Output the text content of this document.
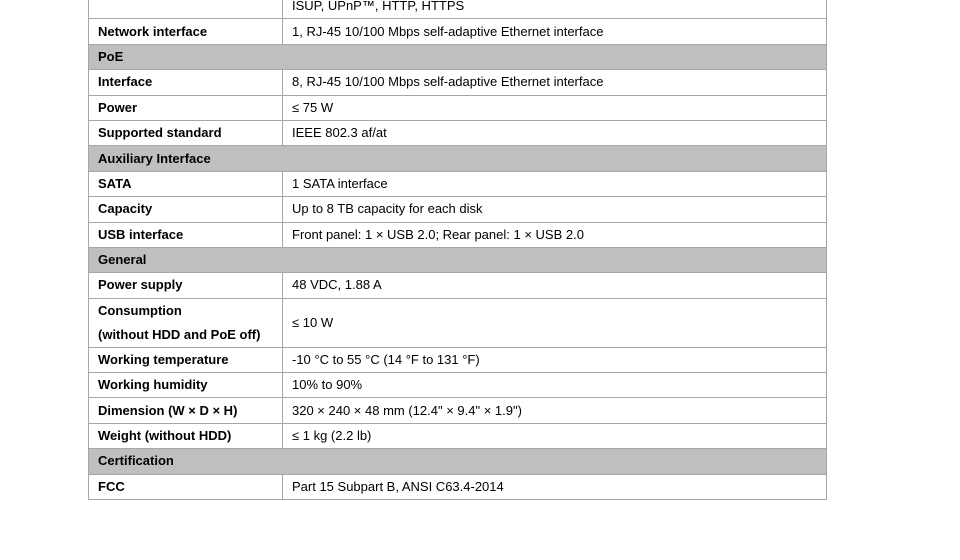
	ISUP, UPnP™, HTTP, HTTPS
Network interface	1, RJ-45 10/100 Mbps self-adaptive Ethernet interface
PoE	
Interface	8, RJ-45 10/100 Mbps self-adaptive Ethernet interface
Power	≤ 75 W
Supported standard	IEEE 802.3 af/at
Auxiliary Interface	
SATA	1 SATA interface
Capacity	Up to 8 TB capacity for each disk
USB interface	Front panel: 1 × USB 2.0; Rear panel: 1 × USB 2.0
General	
Power supply	48 VDC, 1.88 A

Consumption
(without HDD and PoE off)	≤ 10 W
Working temperature	-10 °C to 55 °C (14 °F to 131 °F)
Working humidity	10% to 90%
Dimension (W × D × H)	320 × 240 × 48 mm (12.4" × 9.4" × 1.9")
Weight (without HDD)	≤ 1 kg (2.2 lb)
Certification	
FCC	Part 15 Subpart B, ANSI C63.4-2014
